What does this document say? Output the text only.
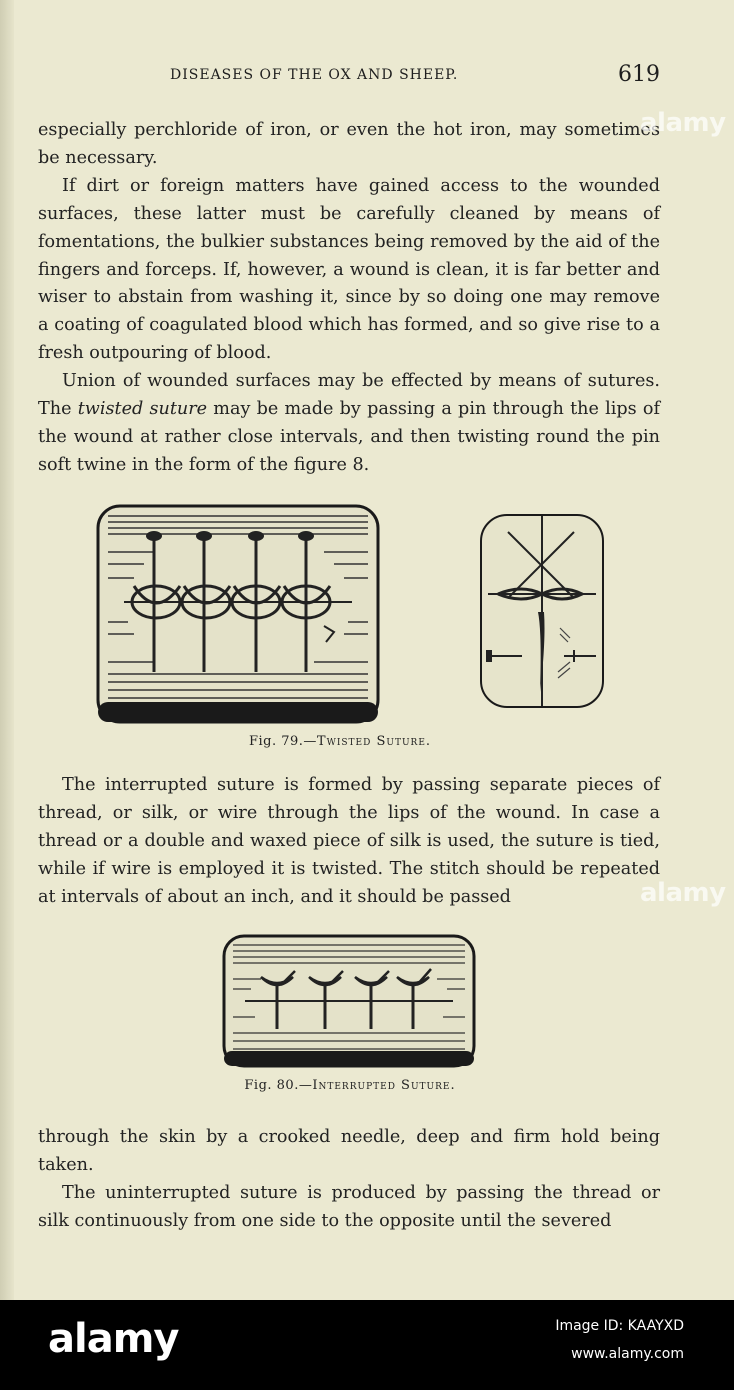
DISEASES OF THE OX AND SHEEP.	619

especially perchloride of iron, or even the hot iron, may sometimes be necessary.

If dirt or foreign matters have gained access to the wounded surfaces, these latter must be carefully cleaned by means of fomentations, the bulkier substances being removed by the aid of the fingers and forceps. If, however, a wound is clean, it is far better and wiser to abstain from washing it, since by so doing one may remove a coating of coagulated blood which has formed, and so give rise to a fresh outpouring of blood.

Union of wounded surfaces may be effected by means of sutures. The twisted suture may be made by passing a pin through the lips of the wound at rather close intervals, and then twisting round the pin soft twine in the form of the figure 8.

Fig. 79.—Twisted Suture.

The interrupted suture is formed by passing separate pieces of thread, or silk, or wire through the lips of the wound. In case a thread or a double and waxed piece of silk is used, the suture is tied, while if wire is employed it is twisted. The stitch should be repeated at intervals of about an inch, and it should be passed

Fig. 80.—Interrupted Suture.

through the skin by a crooked needle, deep and firm hold being taken.

The uninterrupted suture is produced by passing the thread or silk continuously from one side to the opposite until the severed

alamy
alamy
alamy	Image ID: KAAYXD
www.alamy.com
